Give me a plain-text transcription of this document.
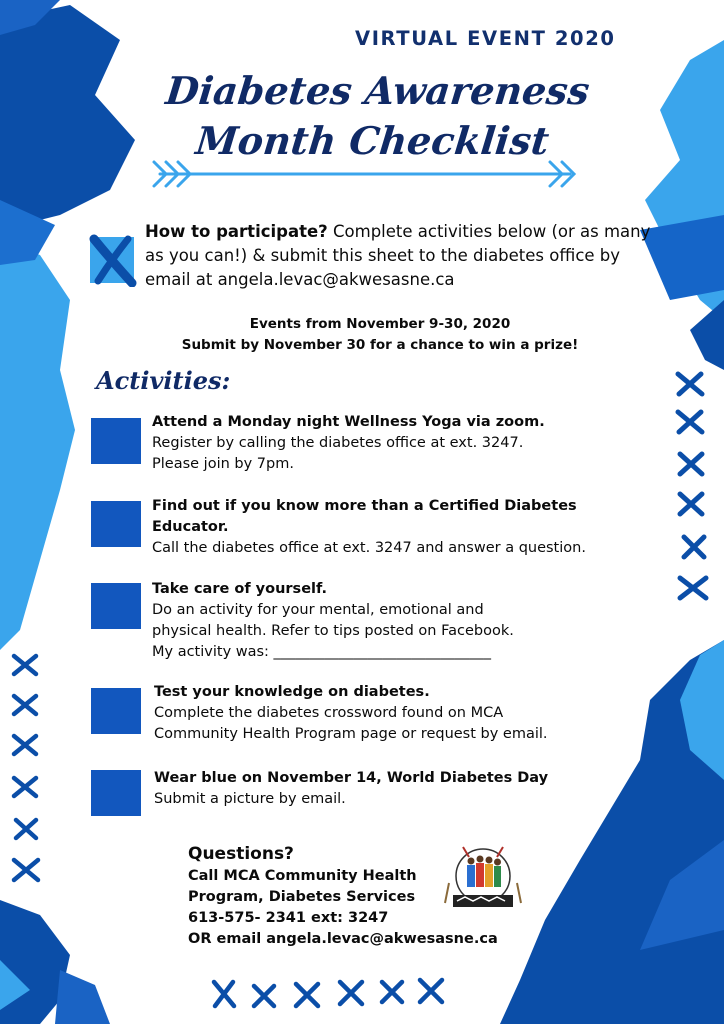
VIRTUAL EVENT 2020
Diabetes Awareness
Month Checklist
How to participate? Complete activities below (or as many as you can!) & submit this sheet to the diabetes office by email at angela.levac@akwesasne.ca
Events from November 9-30, 2020
Submit by November 30 for a chance to win a prize!
Activities:
Attend a Monday night Wellness Yoga via zoom.
Register by calling the diabetes office at ext. 3247.
Please join by 7pm.
Find out if you know more than a Certified Diabetes
Educator.
Call the diabetes office at ext. 3247 and answer a question.
Take care of yourself.
Do an activity for your mental, emotional and
physical health. Refer to tips posted on Facebook.
My activity was: ______________________________
Test your knowledge on diabetes.
Complete the diabetes crossword found on MCA
Community Health Program page or request by email.
Wear blue on November 14, World Diabetes Day
Submit a picture by email.
Questions?
Call MCA Community Health
Program, Diabetes Services
613-575- 2341 ext: 3247
OR email angela.levac@akwesasne.ca
